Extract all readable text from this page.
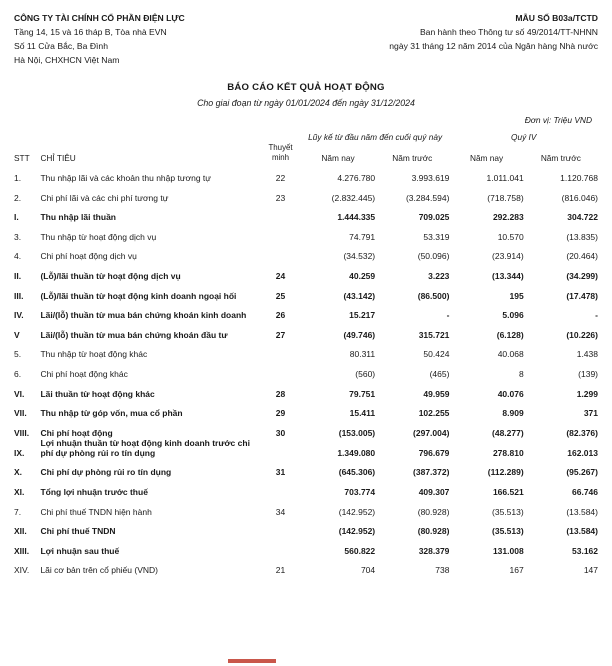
CÔNG TY TÀI CHÍNH CỔ PHẦN ĐIỆN LỰC
Tầng 14, 15 và 16 tháp B, Tòa nhà EVN
Số 11 Cửa Bắc, Ba Đình
Hà Nội, CHXHCN Việt Nam
MẪU SỐ B03a/TCTD
Ban hành theo Thông tư số 49/2014/TT-NHNN
ngày 31 tháng 12 năm 2014 của Ngân hàng Nhà nước
BÁO CÁO KẾT QUẢ HOẠT ĐỘNG
Cho giai đoạn từ ngày 01/01/2024 đến ngày 31/12/2024
Đơn vị: Triệu VND
			Lũy kế từ đầu năm đến cuối quý này		Quý IV	
STT	CHỈ TIÊU	Thuyết minh	Năm nay	Năm trước	Năm nay	Năm trước
1.	Thu nhập lãi và các khoản thu nhập tương tự	22	4.276.780	3.993.619	1.011.041	1.120.768
2.	Chi phí lãi và các chi phí tương tự	23	(2.832.445)	(3.284.594)	(718.758)	(816.046)
I.	Thu nhập lãi thuần		1.444.335	709.025	292.283	304.722
3.	Thu nhập từ hoạt động dịch vụ		74.791	53.319	10.570	(13.835)
4.	Chi phí hoạt động dịch vụ		(34.532)	(50.096)	(23.914)	(20.464)
II.	(Lỗ)/lãi thuần từ hoạt động dịch vụ	24	40.259	3.223	(13.344)	(34.299)
III.	(Lỗ)/lãi thuần từ hoạt động kinh doanh ngoại hối	25	(43.142)	(86.500)	195	(17.478)
IV.	Lãi/(lỗ) thuần từ mua bán chứng khoán kinh doanh	26	15.217	-	5.096	-
V	Lãi/(lỗ) thuần từ mua bán chứng khoán đầu tư	27	(49.746)	315.721	(6.128)	(10.226)
5.	Thu nhập từ hoạt động khác		80.311	50.424	40.068	1.438
6.	Chi phí hoạt động khác		(560)	(465)	8	(139)
VI.	Lãi thuần từ hoạt động khác	28	79.751	49.959	40.076	1.299
VII.	Thu nhập từ góp vốn, mua cổ phần	29	15.411	102.255	8.909	371
VIII.	Chi phí hoạt động	30	(153.005)	(297.004)	(48.277)	(82.376)
IX.	Lợi nhuận thuần từ hoạt động kinh doanh trước chi phí dự phòng rủi ro tín dụng		1.349.080	796.679	278.810	162.013
X.	Chi phí dự phòng rủi ro tín dụng	31	(645.306)	(387.372)	(112.289)	(95.267)
XI.	Tổng lợi nhuận trước thuế		703.774	409.307	166.521	66.746
7.	Chi phí thuế TNDN hiện hành	34	(142.952)	(80.928)	(35.513)	(13.584)
XII.	Chi phí thuế TNDN		(142.952)	(80.928)	(35.513)	(13.584)
XIII.	Lợi nhuận sau thuế		560.822	328.379	131.008	53.162
XIV.	Lãi cơ bản trên cổ phiếu (VND)	21	704	738	167	147
